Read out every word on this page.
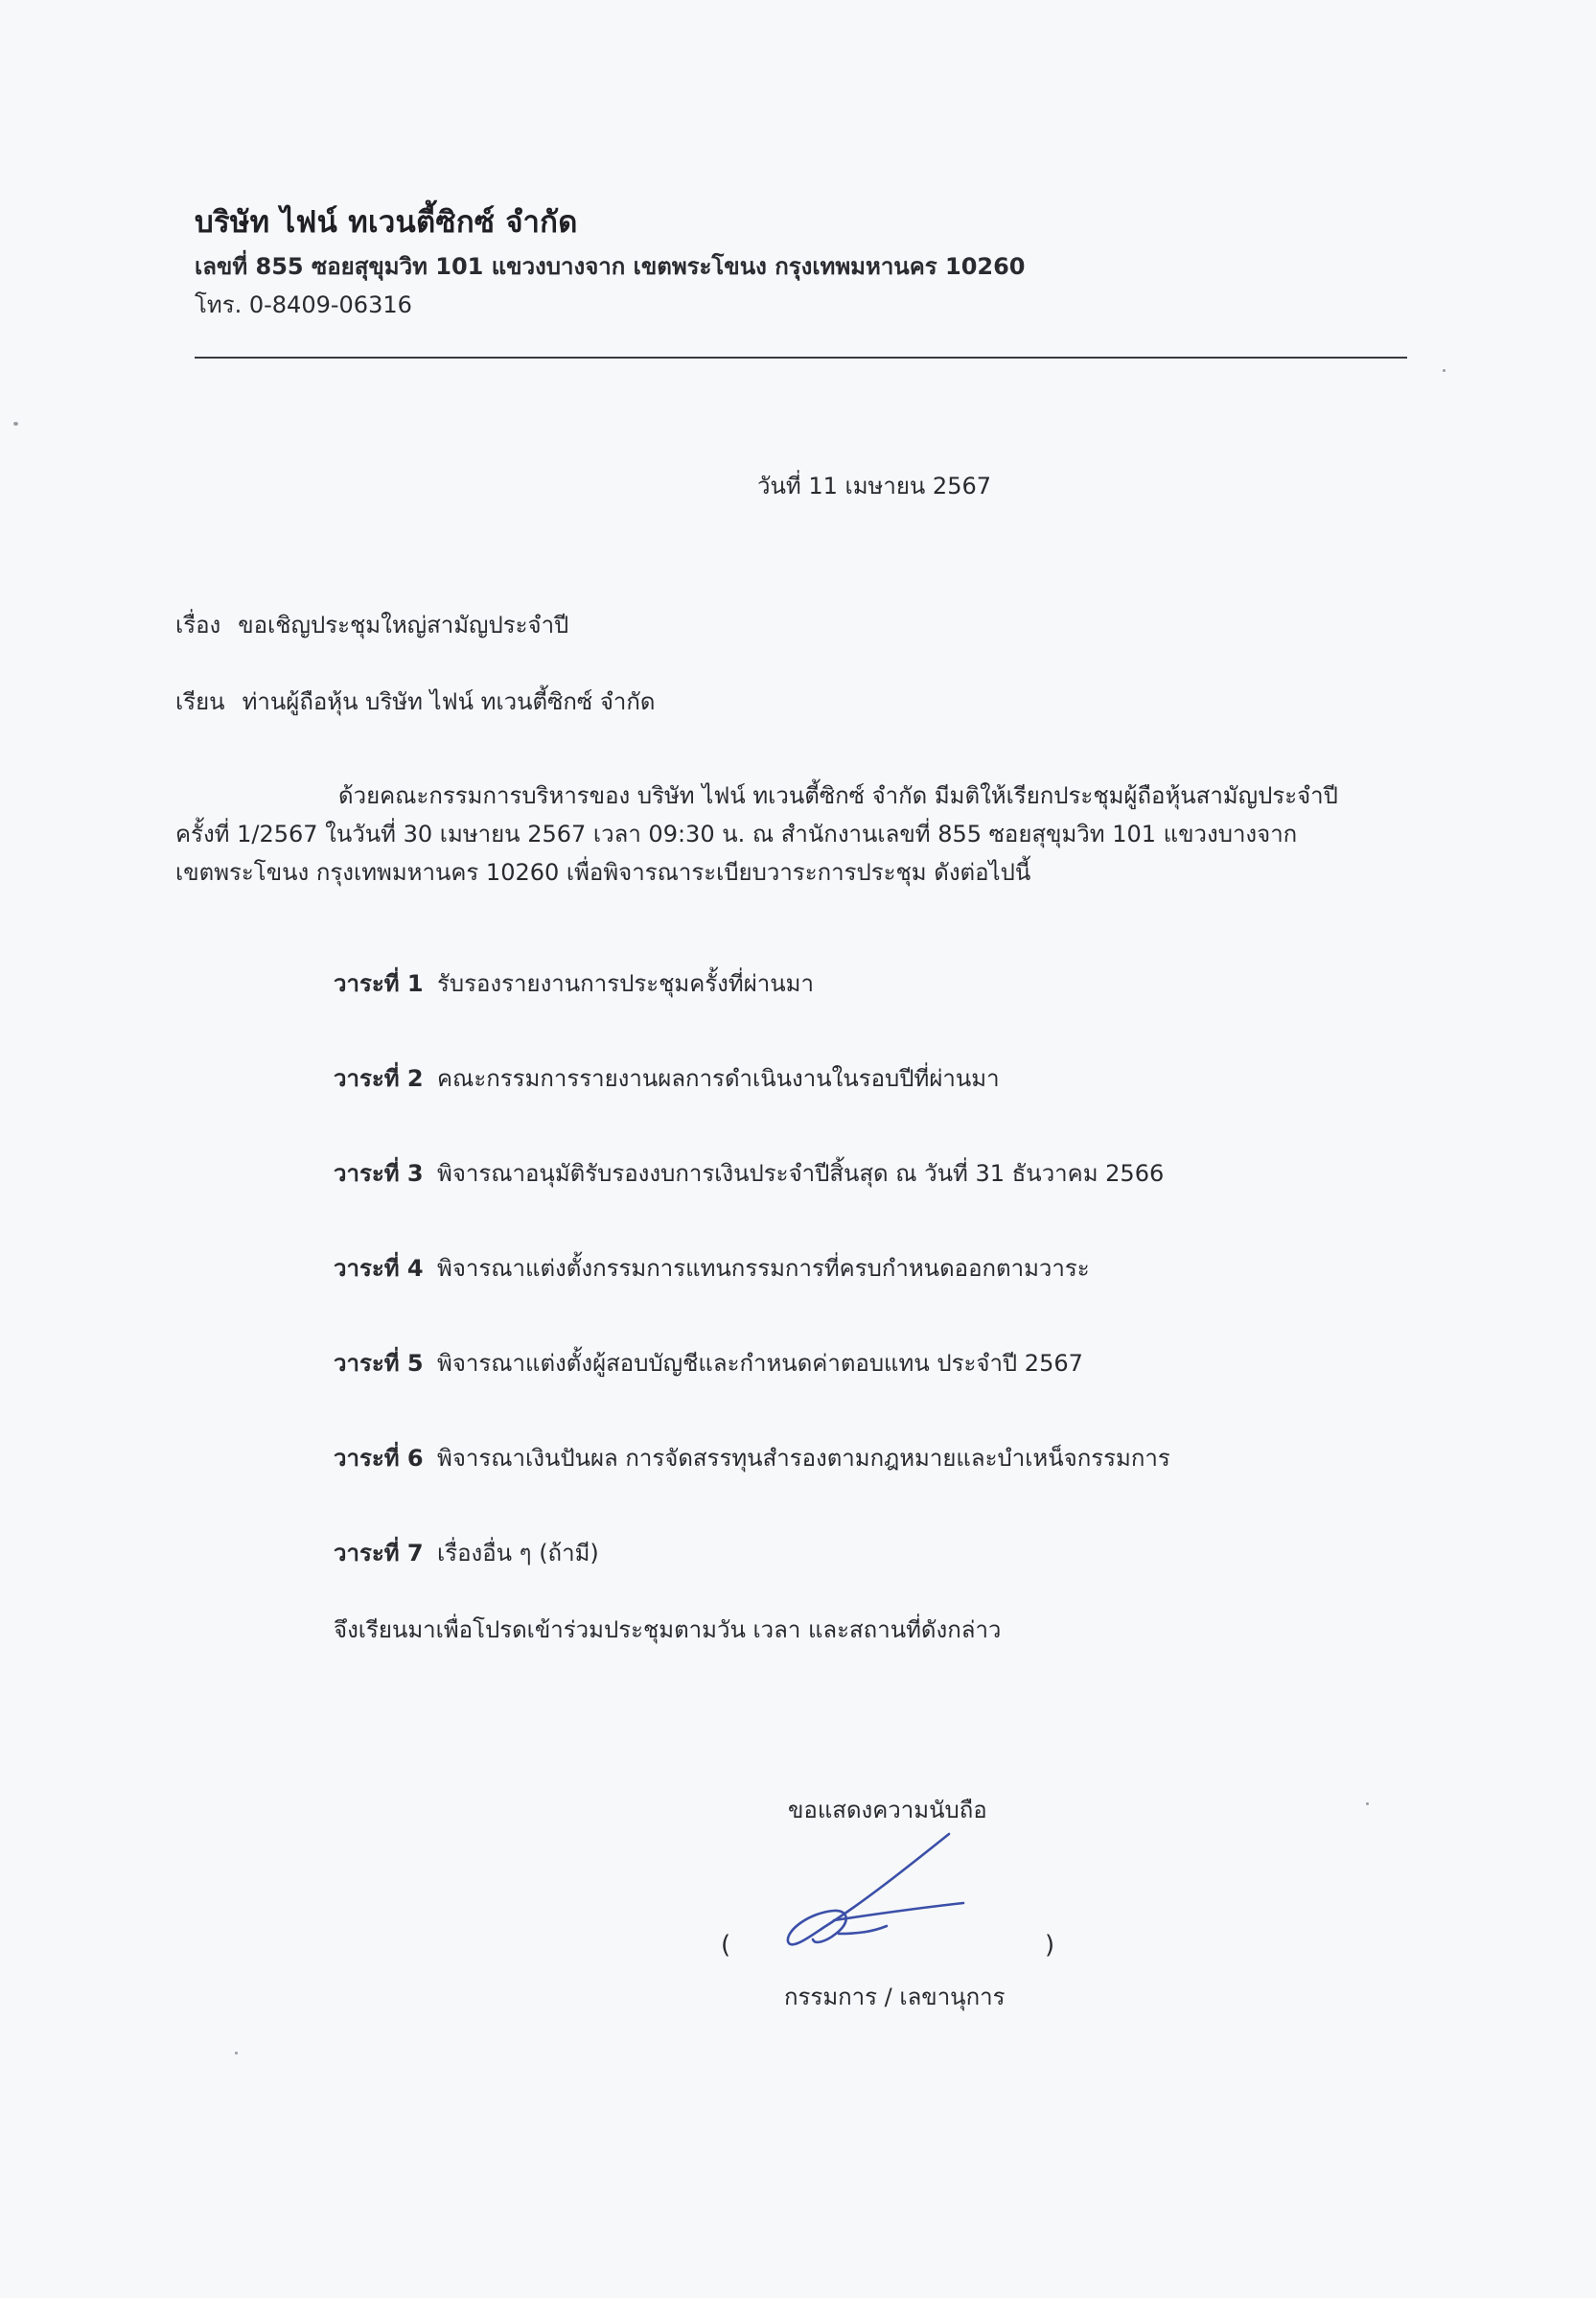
บริษัท ไฟน์ ทเวนตี้ซิกซ์ จำกัด
เลขที่ 855 ซอยสุขุมวิท 101 แขวงบางจาก เขตพระโขนง กรุงเทพมหานคร 10260
โทร. 0-8409-06316
วันที่ 11 เมษายน 2567
เรื่อง ขอเชิญประชุมใหญ่สามัญประจำปี
เรียน ท่านผู้ถือหุ้น บริษัท ไฟน์ ทเวนตี้ซิกซ์ จำกัด
ด้วยคณะกรรมการบริหารของ บริษัท ไฟน์ ทเวนตี้ซิกซ์ จำกัด มีมติให้เรียกประชุมผู้ถือหุ้นสามัญประจำปี
ครั้งที่ 1/2567 ในวันที่ 30 เมษายน 2567 เวลา 09:30 น. ณ สำนักงานเลขที่ 855 ซอยสุขุมวิท 101 แขวงบางจาก
เขตพระโขนง กรุงเทพมหานคร 10260 เพื่อพิจารณาระเบียบวาระการประชุม ดังต่อไปนี้
วาระที่ 1 รับรองรายงานการประชุมครั้งที่ผ่านมา
วาระที่ 2 คณะกรรมการรายงานผลการดำเนินงานในรอบปีที่ผ่านมา
วาระที่ 3 พิจารณาอนุมัติรับรองงบการเงินประจำปีสิ้นสุด ณ วันที่ 31 ธันวาคม 2566
วาระที่ 4 พิจารณาแต่งตั้งกรรมการแทนกรรมการที่ครบกำหนดออกตามวาระ
วาระที่ 5 พิจารณาแต่งตั้งผู้สอบบัญชีและกำหนดค่าตอบแทน ประจำปี 2567
วาระที่ 6 พิจารณาเงินปันผล การจัดสรรทุนสำรองตามกฎหมายและบำเหน็จกรรมการ
วาระที่ 7 เรื่องอื่น ๆ (ถ้ามี)
จึงเรียนมาเพื่อโปรดเข้าร่วมประชุมตามวัน เวลา และสถานที่ดังกล่าว
ขอแสดงความนับถือ
(	)
กรรมการ / เลขานุการ
